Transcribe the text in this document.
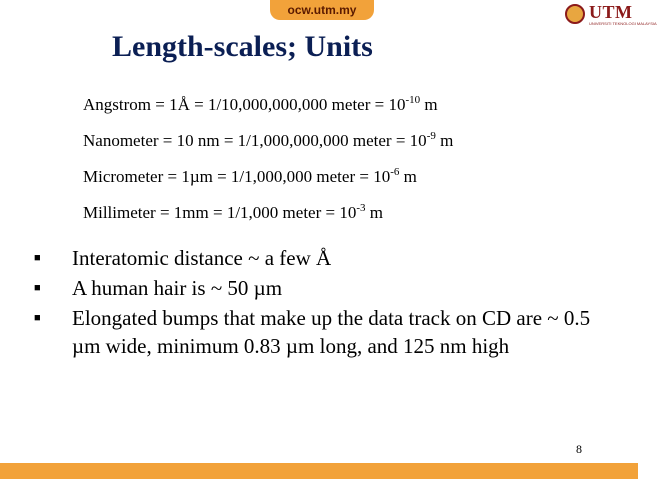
ocw.utm.my	UTM
UNIVERSITI TEKNOLOGI MALAYSIA
Length-scales; Units
Angstrom = 1Å = 1/10,000,000,000 meter = $10^{-10}$ m
Nanometer = 10 nm = 1/1,000,000,000 meter = $10^{-9}$ m
Micrometer = 1µm = 1/1,000,000 meter = $10^{-6}$ m
Millimeter = 1mm = 1/1,000 meter = $10^{-3}$ m
■	Interatomic distance ~ a few Å
■	A human hair is ~ 50 µm
■	Elongated bumps that make up the data track on CD are ~ 0.5 µm wide, minimum 0.83 µm long, and 125 nm high
8
